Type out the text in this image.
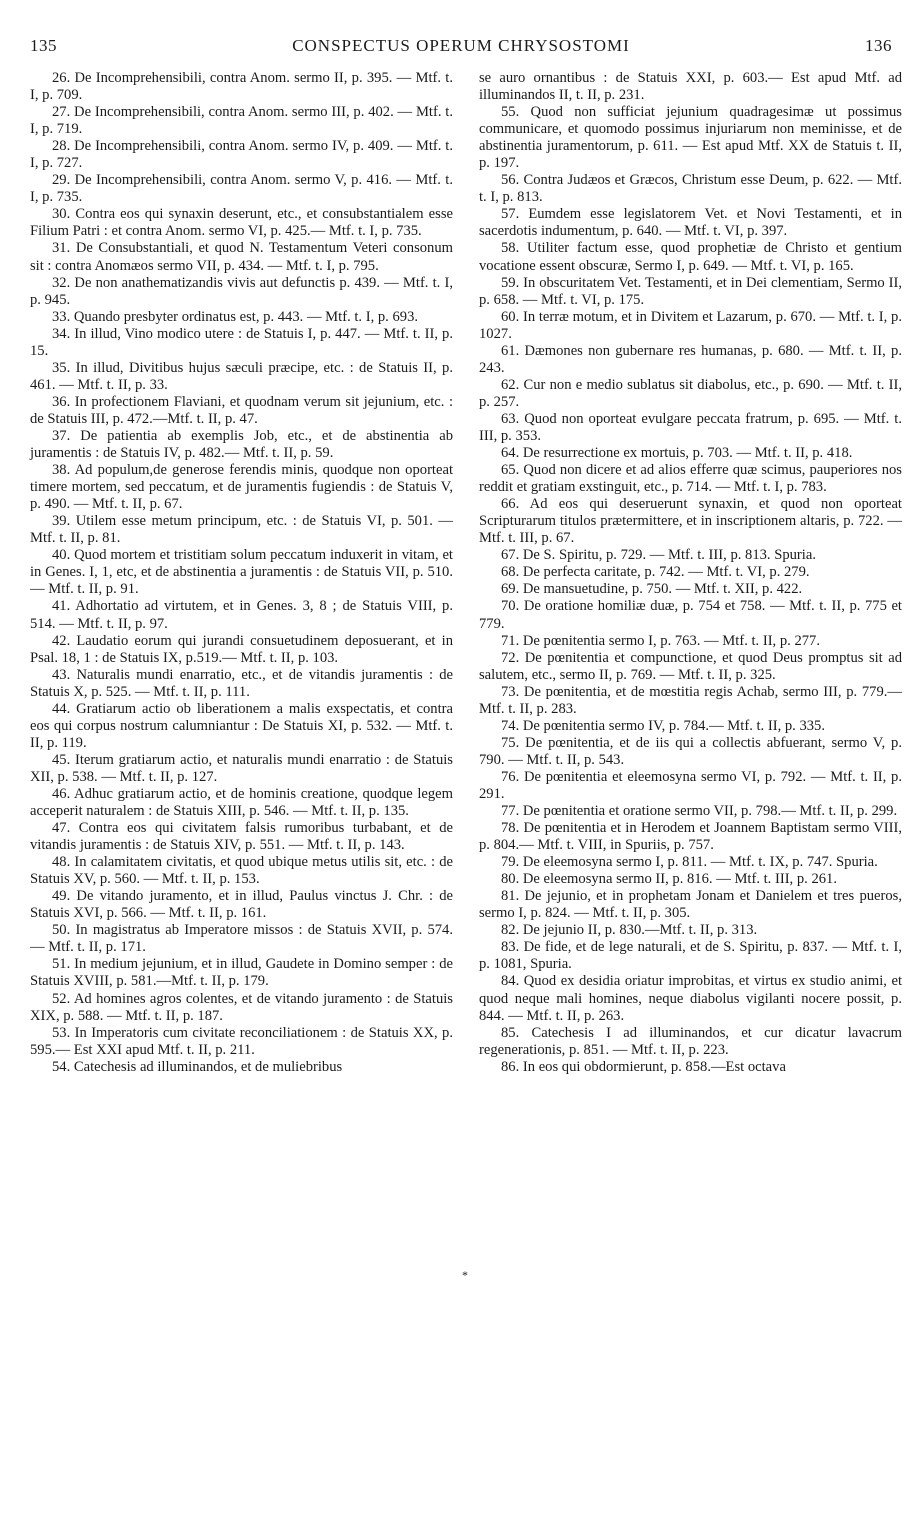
135	CONSPECTUS OPERUM CHRYSOSTOMI	136

26. De Incomprehensibili, contra Anom. sermo II, p. 395. — Mtf. t. I, p. 709.

27. De Incomprehensibili, contra Anom. sermo III, p. 402. — Mtf. t. I, p. 719.

28. De Incomprehensibili, contra Anom. sermo IV, p. 409. — Mtf. t. I, p. 727.

29. De Incomprehensibili, contra Anom. sermo V, p. 416. — Mtf. t. I, p. 735.

30. Contra eos qui synaxin deserunt, etc., et consubstantialem esse Filium Patri : et contra Anom. sermo VI, p. 425.— Mtf. t. I, p. 735.

31. De Consubstantiali, et quod N. Testamentum Veteri consonum sit : contra Anomæos sermo VII, p. 434. — Mtf. t. I, p. 795.

32. De non anathematizandis vivis aut defunctis p. 439. — Mtf. t. I, p. 945.

33. Quando presbyter ordinatus est, p. 443. — Mtf. t. I, p. 693.

34. In illud, Vino modico utere : de Statuis I, p. 447. — Mtf. t. II, p. 15.

35. In illud, Divitibus hujus sæculi præcipe, etc. : de Statuis II, p. 461. — Mtf. t. II, p. 33.

36. In profectionem Flaviani, et quodnam verum sit jejunium, etc. : de Statuis III, p. 472.—Mtf. t. II, p. 47.

37. De patientia ab exemplis Job, etc., et de abstinentia ab juramentis : de Statuis IV, p. 482.— Mtf. t. II, p. 59.

38. Ad populum,de generose ferendis minis, quodque non oporteat timere mortem, sed peccatum, et de juramentis fugiendis : de Statuis V, p. 490. — Mtf. t. II, p. 67.

39. Utilem esse metum principum, etc. : de Statuis VI, p. 501. — Mtf. t. II, p. 81.

40. Quod mortem et tristitiam solum peccatum induxerit in vitam, et in Genes. I, 1, etc, et de abstinentia a juramentis : de Statuis VII, p. 510. — Mtf. t. II, p. 91.

41. Adhortatio ad virtutem, et in Genes. 3, 8 ; de Statuis VIII, p. 514. — Mtf. t. II, p. 97.

42. Laudatio eorum qui jurandi consuetudinem deposuerant, et in Psal. 18, 1 : de Statuis IX, p.519.— Mtf. t. II, p. 103.

43. Naturalis mundi enarratio, etc., et de vitandis juramentis : de Statuis X, p. 525. — Mtf. t. II, p. 111.

44. Gratiarum actio ob liberationem a malis exspectatis, et contra eos qui corpus nostrum calumniantur : De Statuis XI, p. 532. — Mtf. t. II, p. 119.

45. Iterum gratiarum actio, et naturalis mundi enarratio : de Statuis XII, p. 538. — Mtf. t. II, p. 127.

46. Adhuc gratiarum actio, et de hominis creatione, quodque legem acceperit naturalem : de Statuis XIII, p. 546. — Mtf. t. II, p. 135.

47. Contra eos qui civitatem falsis rumoribus turbabant, et de vitandis juramentis : de Statuis XIV, p. 551. — Mtf. t. II, p. 143.

48. In calamitatem civitatis, et quod ubique metus utilis sit, etc. : de Statuis XV, p. 560. — Mtf. t. II, p. 153.

49. De vitando juramento, et in illud, Paulus vinctus J. Chr. : de Statuis XVI, p. 566. — Mtf. t. II, p. 161.

50. In magistratus ab Imperatore missos : de Statuis XVII, p. 574. — Mtf. t. II, p. 171.

51. In medium jejunium, et in illud, Gaudete in Domino semper : de Statuis XVIII, p. 581.—Mtf. t. II, p. 179.

52. Ad homines agros colentes, et de vitando juramento : de Statuis XIX, p. 588. — Mtf. t. II, p. 187.

53. In Imperatoris cum civitate reconciliationem : de Statuis XX, p. 595.— Est XXI apud Mtf. t. II, p. 211.

54. Catechesis ad illuminandos, et de muliebribus

se auro ornantibus : de Statuis XXI, p. 603.— Est apud Mtf. ad illuminandos II, t. II, p. 231.

55. Quod non sufficiat jejunium quadragesimæ ut possimus communicare, et quomodo possimus injuriarum non meminisse, et de abstinentia juramentorum, p. 611. — Est apud Mtf. XX de Statuis t. II, p. 197.

56. Contra Judæos et Græcos, Christum esse Deum, p. 622. — Mtf. t. I, p. 813.

57. Eumdem esse legislatorem Vet. et Novi Testamenti, et in sacerdotis indumentum, p. 640. — Mtf. t. VI, p. 397.

58. Utiliter factum esse, quod prophetiæ de Christo et gentium vocatione essent obscuræ, Sermo I, p. 649. — Mtf. t. VI, p. 165.

59. In obscuritatem Vet. Testamenti, et in Dei clementiam, Sermo II, p. 658. — Mtf. t. VI, p. 175.

60. In terræ motum, et in Divitem et Lazarum, p. 670. — Mtf. t. I, p. 1027.

61. Dæmones non gubernare res humanas, p. 680. — Mtf. t. II, p. 243.

62. Cur non e medio sublatus sit diabolus, etc., p. 690. — Mtf. t. II, p. 257.

63. Quod non oporteat evulgare peccata fratrum, p. 695. — Mtf. t. III, p. 353.

64. De resurrectione ex mortuis, p. 703. — Mtf. t. II, p. 418.

65. Quod non dicere et ad alios efferre quæ scimus, pauperiores nos reddit et gratiam exstinguit, etc., p. 714. — Mtf. t. I, p. 783.

66. Ad eos qui deseruerunt synaxin, et quod non oporteat Scripturarum titulos prætermittere, et in inscriptionem altaris, p. 722. — Mtf. t. III, p. 67.

67. De S. Spiritu, p. 729. — Mtf. t. III, p. 813. Spuria.

68. De perfecta caritate, p. 742. — Mtf. t. VI, p. 279.

69. De mansuetudine, p. 750. — Mtf. t. XII, p. 422.

70. De oratione homiliæ duæ, p. 754 et 758. — Mtf. t. II, p. 775 et 779.

71. De pœnitentia sermo I, p. 763. — Mtf. t. II, p. 277.

72. De pœnitentia et compunctione, et quod Deus promptus sit ad salutem, etc., sermo II, p. 769. — Mtf. t. II, p. 325.

73. De pœnitentia, et de mœstitia regis Achab, sermo III, p. 779.— Mtf. t. II, p. 283.

74. De pœnitentia sermo IV, p. 784.— Mtf. t. II, p. 335.

75. De pœnitentia, et de iis qui a collectis abfuerant, sermo V, p. 790. — Mtf. t. II, p. 543.

76. De pœnitentia et eleemosyna sermo VI, p. 792. — Mtf. t. II, p. 291.

77. De pœnitentia et oratione sermo VII, p. 798.— Mtf. t. II, p. 299.

78. De pœnitentia et in Herodem et Joannem Baptistam sermo VIII, p. 804.— Mtf. t. VIII, in Spuriis, p. 757.

79. De eleemosyna sermo I, p. 811. — Mtf. t. IX, p. 747. Spuria.

80. De eleemosyna sermo II, p. 816. — Mtf. t. III, p. 261.

81. De jejunio, et in prophetam Jonam et Danielem et tres pueros, sermo I, p. 824. — Mtf. t. II, p. 305.

82. De jejunio II, p. 830.—Mtf. t. II, p. 313.

83. De fide, et de lege naturali, et de S. Spiritu, p. 837. — Mtf. t. I, p. 1081, Spuria.

84. Quod ex desidia oriatur improbitas, et virtus ex studio animi, et quod neque mali homines, neque diabolus vigilanti nocere possit, p. 844. — Mtf. t. II, p. 263.

85. Catechesis I ad illuminandos, et cur dicatur lavacrum regenerationis, p. 851. — Mtf. t. II, p. 223.

86. In eos qui obdormierunt, p. 858.—Est octava

*
